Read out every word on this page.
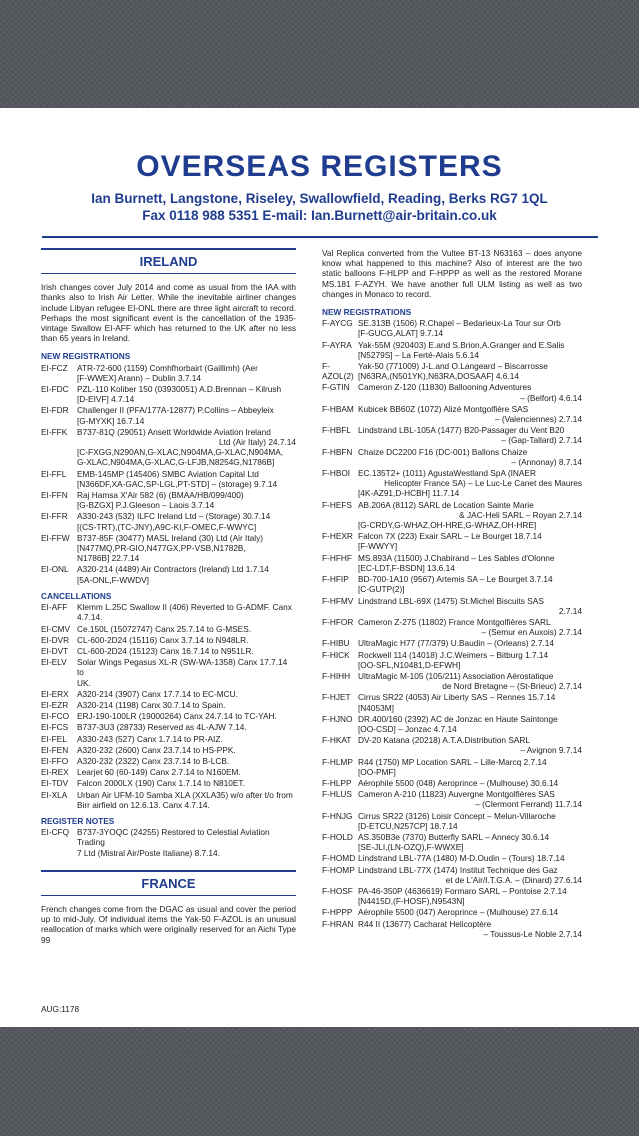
OVERSEAS REGISTERS
Ian Burnett, Langstone, Riseley, Swallowfield, Reading, Berks RG7 1QL
Fax 0118 988 5351 E-mail: Ian.Burnett@air-britain.co.uk
IRELAND

Irish changes cover July 2014 and come as usual from the IAA with thanks also to Irish Air Letter. While the inevitable airliner changes include Libyan refugee EI-ONL there are three light aircraft to record. Perhaps the most significant event is the cancellation of the 1935-vintage Swallow EI-AFF which has returned to the UK after no less than 65 years in Ireland.

NEW REGISTRATIONS
EI-FCZ	ATR-72-600 (1159) Comhfhorbairt (Gaillimh) (Aer
[F-WWEX] Arann) – Dublin 3.7.14
EI-FDC	PZL-110 Koliber 150 (03930051) A.D.Brennan – Kilrush
[D-EIVF] 4.7.14
EI-FDR	Challenger II (PFA/177A-12877) P.Collins – Abbeyleix
[G-MYXK] 16.7.14
EI-FFK	B737-81Q (29051) Ansett Worldwide Aviation Ireland
Ltd (Air Italy) 24.7.14
[C-FXGG,N290AN,G-XLAC,N904MA,G-XLAC,N904MA,
G-XLAC,N904MA,G-XLAC,G-LFJB,N8254G,N1786B]
EI-FFL	EMB-145MP (145406) SMBC Aviation Capital Ltd
[N366DF,XA-GAC,SP-LGL,PT-STD] – (storage) 9.7.14
EI-FFN	Raj Hamsa X'Air 582 (6) (BMAA/HB/099/400)
[G-BZGX] P.J.Gleeson – Laois 3.7.14
EI-FFR	A330-243 (532) ILFC Ireland Ltd – (Storage) 30.7.14
[(CS-TRT),(TC-JNY),A9C-KI,F-OMEC,F-WWYC]
EI-FFW B737-85F (30477) MASL Ireland (30) Ltd (Air Italy)
[N477MQ,PR-GIO,N477GX,PP-VSB,N1782B,
N1786B] 22.7.14
EI-ONL	A320-214 (4489) Air Contractors (Ireland) Ltd 1.7.14
[5A-ONL,F-WWDV]
CANCELLATIONS
EI-AFF	Klemm L.25C Swallow II (406) Reverted to G-ADMF. Canx
4.7.14.
EI-CMV Ce.150L (15072747) Canx 25.7.14 to G-MSES.
EI-DVR CL-600-2D24 (15116) Canx 3.7.14 to N948LR.
EI-DVT	CL-600-2D24 (15123) Canx 16.7.14 to N951LR.
EI-ELV	Solar Wings Pegasus XL-R (SW-WA-1358) Canx 17.7.14 to
UK.
EI-ERX	A320-214 (3907) Canx 17.7.14 to EC-MCU.
EI-EZR	A320-214 (1198) Canx 30.7.14 to Spain.
EI-FCO ERJ-190-100LR (19000264) Canx 24.7.14 to TC-YAH.
EI-FCS	B737-3U3 (28733) Reserved as 4L-AJW 7.14.
EI-FEL	A330-243 (527) Canx 1.7.14 to PR-AIZ.
EI-FEN	A320-232 (2600) Canx 23.7.14 to HS-PPK.
EI-FFO	A320-232 (2322) Canx 23.7.14 to B-LCB.
EI-REX	Learjet 60 (60-149) Canx 2.7.14 to N160EM.
EI-TDV	Falcon 2000LX (190) Canx 1.7.14 to N810ET.
EI-XLA	Urban Air UFM-10 Samba XLA (XXLA35) w/o after t/o from
Birr airfield on 12.6.13. Canx 4.7.14.
REGISTER NOTES
EI-CFQ B737-3YOQC (24255) Restored to Celestial Aviation Trading
7 Ltd (Mistral Air/Poste Italiane) 8.7.14.
FRANCE

French changes come from the DGAC as usual and cover the period up to mid-July. Of individual items the Yak-50 F-AZOL is an unusual reallocation of marks which were originally reserved for an Aichi Type 99

Val Replica converted from the Vultee BT-13 N63163 – does anyone know what happened to this machine? Also of interest are the two static balloons F-HLPP and F-HPPP as well as the restored Morane MS.181 F-AZYH. We have another full ULM listing as well as two changes in Monaco to record.

NEW REGISTRATIONS
F-AYCG SE.313B (1506) R.Chapel – Bedarieux-La Tour sur Orb
[F-GUCG,ALAT] 9.7.14
F-AYRA Yak-55M (920403) E.and S.Brion,A.Granger and E.Salis
[N5279S] – La Ferté-Alais 5.6.14
F-AZOL(2)
Yak-50 (771009) J-L.and O.Langeard – Biscarrosse
[N63RA,(N501YK),N63RA,DOSAAF] 4.6.14
F-GTIN	Cameron Z-120 (11830) Ballooning Adventures
– (Belfort) 4.6.14
F-HBAM Kubicek BB60Z (1072) Alizé Montgolfière SAS
– (Valenciennes) 2.7.14
F-HBFL Lindstrand LBL-105A (1477) B20-Passager du Vent B20
– (Gap-Tallard) 2.7.14
F-HBFN Chaize DC2200 F16 (DC-001) Ballons Chaize
– (Annonay) 8.7.14
F-HBOI EC.135T2+ (1011) AgustaWestland SpA (INAER
Helicopter France SA) – Le Luc-Le Canet des Maures
[4K-AZ91,D-HCBH] 11.7.14
F-HEFS AB.206A (8112) SARL de Location Sainte Marie
& JAC-Heli SARL – Royan 2.7.14
[G-CRDY,G-WHAZ,OH-HRE,G-WHAZ,OH-HRE]
F-HEXR Falcon 7X (223) Exair SARL – Le Bourget 18.7.14
[F-WWYY]
F-HFHF MS.893A (11500) J.Chabirand – Les Sables d'Olonne
[EC-LDT,F-BSDN] 13.6.14
F-HFIP	BD-700-1A10 (9567) Artemis SA – Le Bourget 3.7.14
[C-GUTP(2)]
F-HFMV Lindstrand LBL-69X (1475) St.Michel Biscuits SAS
2.7.14
F-HFOR Cameron Z-275 (11802) France Montgolfières SARL
– (Semur en Auxois) 2.7.14
F-HIBU	UltraMagic H77 (77/379) U.Baudin – (Orleans) 2.7.14
F-HICK	Rockwell 114 (14018) J.C.Weimers – Bitburg 1.7.14
[OO-SFL,N10481,D-EFWH]
F-HIHH UltraMagic M-105 (105/211) Association Aérostatique
de Nord Bretagne – (St-Brieuc) 2.7.14
F-HJET Cirrus SR22 (4053) Air Liberty SAS – Rennes 15.7.14
[N4053M]
F-HJNO DR.400/160 (2392) AC de Jonzac en Haute Saintonge
[OO-CSD] – Jonzac 4.7.14
F-HKAT DV-20 Katana (20218) A.T.A.Distribution SARL
– Avignon 9.7.14
F-HLMP R44 (1750) MP Location SARL – Lille-Marcq 2.7.14
[OO-PMF]
F-HLPP Aérophile 5500 (048) Aeroprince – (Mulhouse) 30.6.14
F-HLUS Cameron A-210 (11823) Auvergne Montgolfières SAS
– (Clermont Ferrand) 11.7.14
F-HNJG Cirrus SR22 (3126) Loisir Concept – Melun-Villaroche
[D-ETCU,N257CP] 18.7.14
F-HOLD AS.350B3e (7370) Butterfly SARL – Annecy 30.6.14
[SE-JLI,(LN-OZQ),F-WWXE]
F-HOMD Lindstrand LBL-77A (1480) M-D.Oudin – (Tours) 18.7.14
F-HOMP Lindstrand LBL-77X (1474) Institut Technique des Gaz
et de L'Air/I.T.G.A. – (Dinard) 27.6.14
F-HOSF PA-46-350P (4636619) Formaro SARL – Pontoise 2.7.14
[N4415D,(F-HOSF),N9543N]
F-HPPP Aérophile 5500 (047) Aeroprince – (Mulhouse) 27.6.14
F-HRAN R44 II (13677) Cacharat Helicoptère
– Toussus-Le Noble 2.7.14
AUG:1178
